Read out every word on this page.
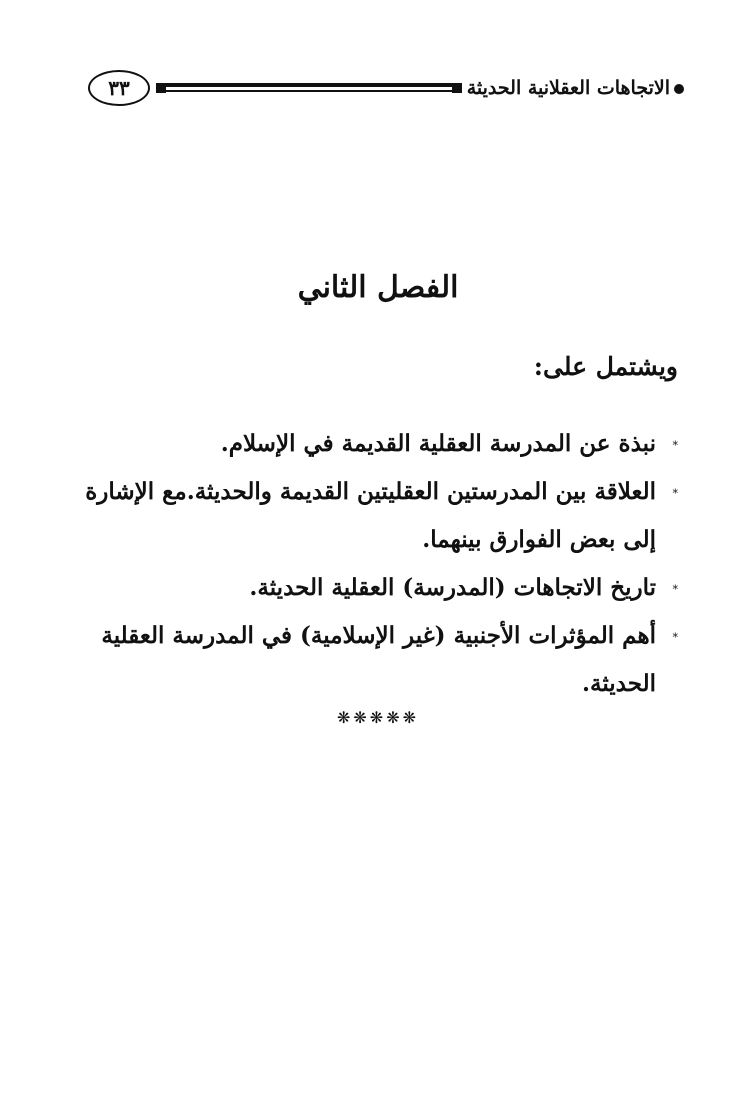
٣٣	الاتجاهات العقلانية الحديثة
الفصل الثاني
ويشتمل على:
*
نبذة عن المدرسة العقلية القديمة في الإسلام.
*
العلاقة بين المدرستين العقليتين القديمة والحديثة.مع الإشارة إلى بعض الفوارق بينهما.
*
تاريخ الاتجاهات (المدرسة) العقلية الحديثة.
*
أهم المؤثرات الأجنبية (غير الإسلامية) في المدرسة العقلية الحديثة.
❋❋❋❋❋
